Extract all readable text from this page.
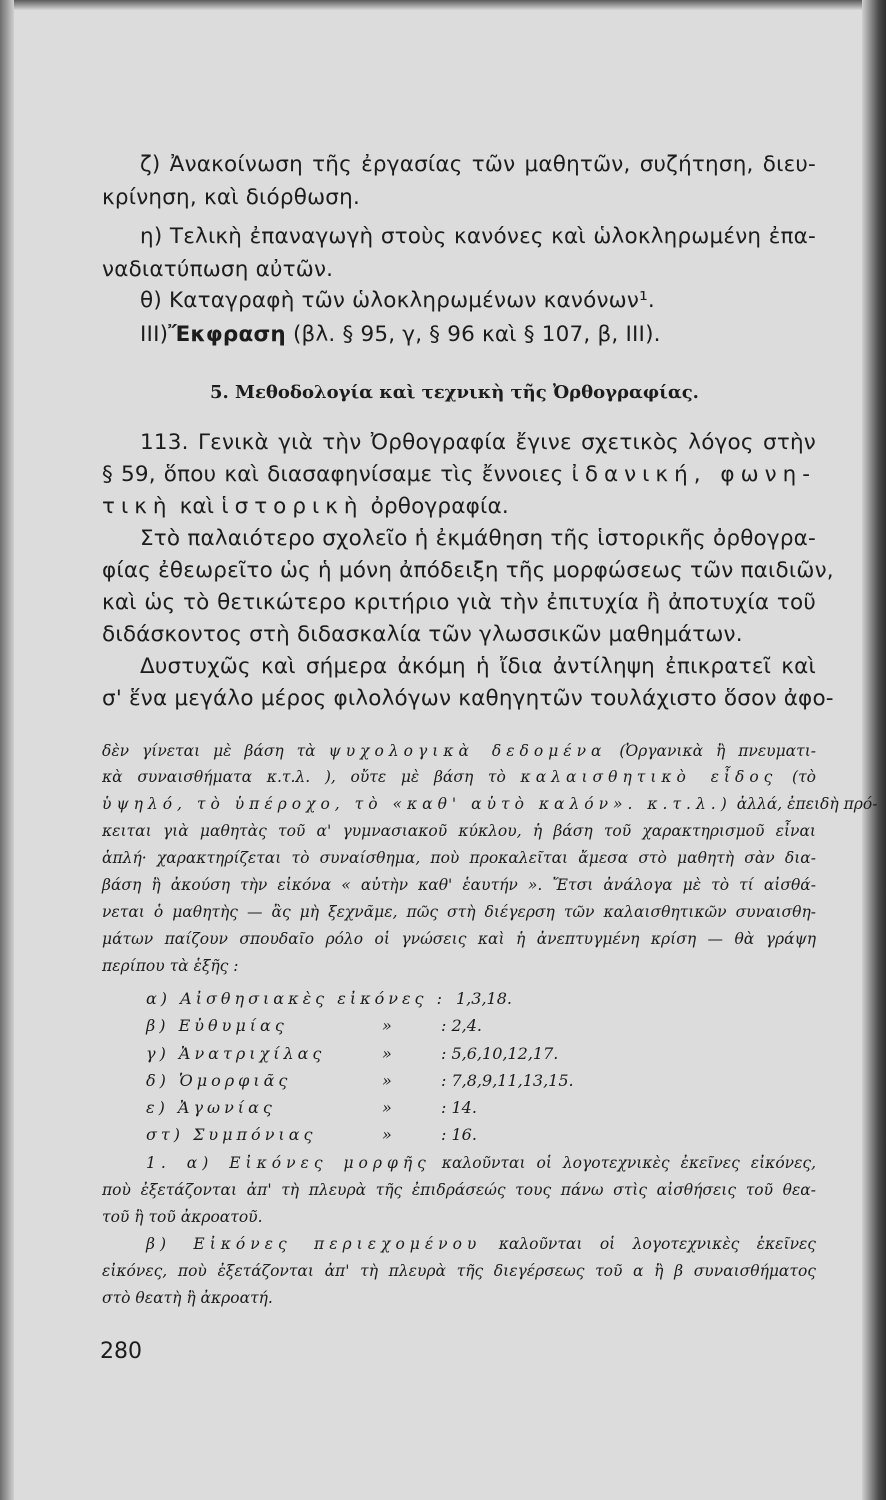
ζ) Ἀνακοίνωση τῆς ἐργασίας τῶν μαθητῶν, συζήτηση, διευ-

κρίνηση, καὶ διόρθωση.

η) Τελικὴ ἐπαναγωγὴ στοὺς κανόνες καὶ ὡλοκληρωμένη ἐπα-

ναδιατύπωση αὐτῶν.

θ) Καταγραφὴ τῶν ὡλοκληρωμένων κανόνων¹.

III)Ἔκφραση (βλ. § 95, γ, § 96 καὶ § 107, β, III).

5. Μεθοδολογία καὶ τεχνικὴ τῆς Ὀρθογραφίας.

113. Γενικὰ γιὰ τὴν Ὀρθογραφία ἔγινε σχετικὸς λόγος στὴν

§ 59, ὅπου καὶ διασαφηνίσαμε τὶς ἔννοιες ἰδανική, φωνη-

τικὴ καὶ ἱστορικὴ ὀρθογραφία.

Στὸ παλαιότερο σχολεῖο ἡ ἐκμάθηση τῆς ἱστορικῆς ὀρθογρα-

φίας ἐθεωρεῖτο ὡς ἡ μόνη ἀπόδειξη τῆς μορφώσεως τῶν παιδιῶν,

καὶ ὡς τὸ θετικώτερο κριτήριο γιὰ τὴν ἐπιτυχία ἢ ἀποτυχία τοῦ

διδάσκοντος στὴ διδασκαλία τῶν γλωσσικῶν μαθημάτων.

Δυστυχῶς καὶ σήμερα ἀκόμη ἡ ἴδια ἀντίληψη ἐπικρατεῖ καὶ

σ' ἕνα μεγάλο μέρος φιλολόγων καθηγητῶν τουλάχιστο ὅσον ἀφο-

δὲν γίνεται μὲ βάση τὰ ψυχολογικὰ δεδομένα (Ὀργανικὰ ἢ πνευματι-

κὰ συναισθήματα κ.τ.λ. ), οὔτε μὲ βάση τὸ καλαισθητικὸ εἶδος (τὸ

ὑψηλό, τὸ ὑπέροχο, τὸ «καθ' αὑτὸ καλόν». κ.τ.λ.) ἀλλά, ἐπειδὴ πρό-

κειται γιὰ μαθητὰς τοῦ α' γυμνασιακοῦ κύκλου, ἡ βάση τοῦ χαρακτηρισμοῦ εἶναι

ἁπλή· χαρακτηρίζεται τὸ συναίσθημα, ποὺ προκαλεῖται ἄμεσα στὸ μαθητὴ σὰν δια-

βάση ἢ ἀκούση τὴν εἰκόνα « αὐτὴν καθ' ἑαυτήν ». Ἔτσι ἀνάλογα μὲ τὸ τί αἰσθά-

νεται ὁ μαθητὴς — ἂς μὴ ξεχνᾶμε, πῶς στὴ διέγερση τῶν καλαισθητικῶν συναισθη-

μάτων παίζουν σπουδαῖο ρόλο οἱ γνώσεις καὶ ἡ ἀνεπτυγμένη κρίση — θὰ γράψη

περίπου τὰ ἑξῆς :

α) Αἰσθησιακὲς εἰκόνες : 1,3,18.
β) Εὐθυμίας	»	: 2,4.
γ) Ἀνατριχίλας	»	: 5,6,10,12,17.
δ) Ὁμορφιᾶς	»	: 7,8,9,11,13,15.
ε) Ἀγωνίας	»	: 14.
στ) Συμπόνιας	»	: 16.

1. α) Εἰκόνες μορφῆς καλοῦνται οἱ λογοτεχνικὲς ἐκεῖνες εἰκόνες,

ποὺ ἐξετάζονται ἀπ' τὴ πλευρὰ τῆς ἐπιδράσεώς τους πάνω στὶς αἰσθήσεις τοῦ θεα-

τοῦ ἢ τοῦ ἀκροατοῦ.

β) Εἰκόνες περιεχομένου καλοῦνται οἱ λογοτεχνικὲς ἐκεῖνες

εἰκόνες, ποὺ ἐξετάζονται ἀπ' τὴ πλευρὰ τῆς διεγέρσεως τοῦ α ἢ β συναισθήματος

στὸ θεατὴ ἢ ἀκροατή.

280
